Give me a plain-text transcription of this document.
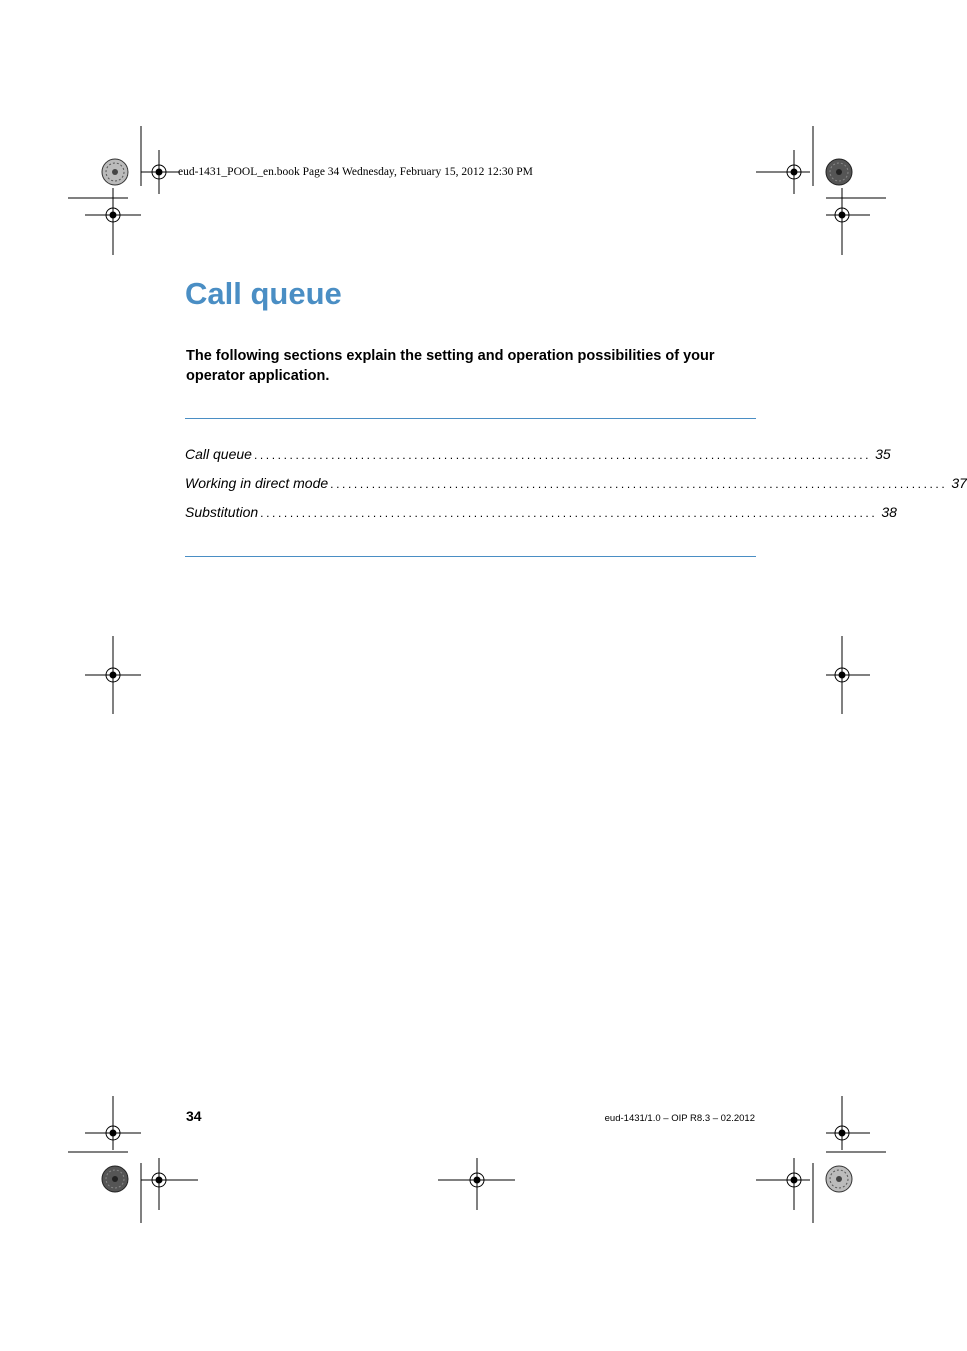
eud-1431_POOL_en.book Page 34 Wednesday, February 15, 2012 12:30 PM
Call queue

The following sections explain the setting and operation possibilities of your operator application.

Call queue ........................................................................................................ 35
Working in direct mode ........................................................................................................ 37
Substitution ........................................................................................................ 38
34	eud-1431/1.0 – OIP R8.3 – 02.2012
